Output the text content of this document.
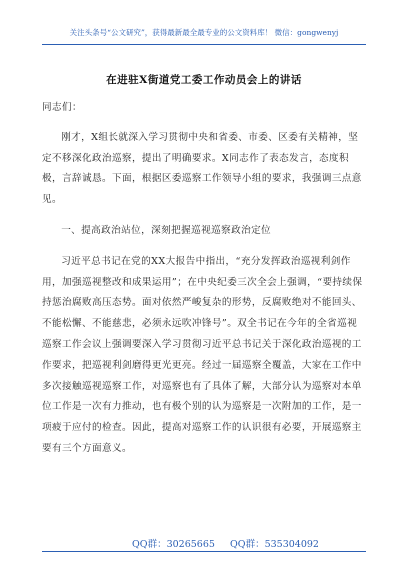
关注头条号“公文研究”，获得最新最全最专业的公文资料库！ 微信：gongwenyj
在进驻X街道党工委工作动员会上的讲话

同志们：

刚才，X组长就深入学习贯彻中央和省委、市委、区委有关精神，坚定不移深化政治巡察，提出了明确要求。X同志作了表态发言，态度积极，言辞诚恳。下面，根据区委巡察工作领导小组的要求，我强调三点意见。

一、提高政治站位，深刻把握巡视巡察政治定位

习近平总书记在党的XX大报告中指出，“充分发挥政治巡视利剑作用，加强巡视整改和成果运用”；在中央纪委三次全会上强调，“要持续保持惩治腐败高压态势。面对依然严峻复杂的形势，反腐败绝对不能回头、不能松懈、不能慈悲，必须永远吹冲锋号”。双全书记在今年的全省巡视巡察工作会议上强调要深入学习贯彻习近平总书记关于深化政治巡视的工作要求，把巡视利剑磨得更光更亮。经过一届巡察全覆盖，大家在工作中多次接触巡视巡察工作，对巡察也有了具体了解，大部分认为巡察对本单位工作是一次有力推动，也有极个别的认为巡察是一次附加的工作，是一项疲于应付的检查。因此，提高对巡察工作的认识很有必要，开展巡察主要有三个方面意义。

QQ群：30265665 QQ群：535304092
